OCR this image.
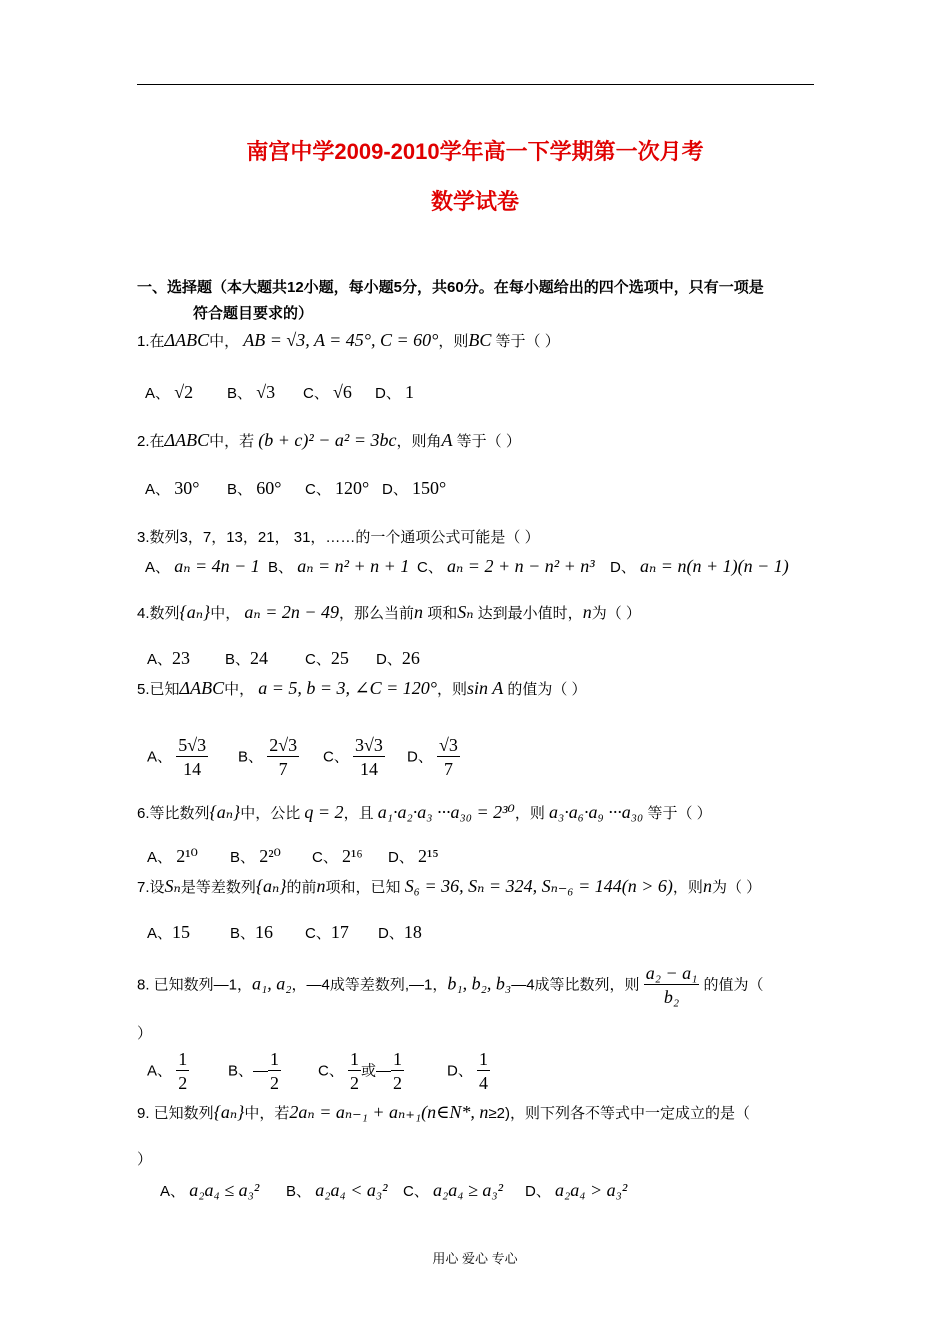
南宫中学2009-2010学年高一下学期第一次月考
数学试卷
一、选择题（本大题共12小题，每小题5分，共60分。在每小题给出的四个选项中，只有一项是
符合题目要求的）
1.在ΔABC中， AB = √3, A = 45°, C = 60°，则BC 等于（ ）
A、 √2 B、 √3 C、 √6 D、 1
2.在ΔABC中，若 (b + c)² − a² = 3bc，则角A 等于（ ）
A、 30° B、 60° C、 120° D、 150°
3.数列3，7，13，21， 31，……的一个通项公式可能是（ ）
A、 aₙ = 4n − 1 B、 aₙ = n² + n + 1 C、 aₙ = 2 + n − n² + n³ D、 aₙ = n(n + 1)(n − 1)
4.数列{aₙ}中， aₙ = 2n − 49，那么当前n 项和Sₙ 达到最小值时，n为（ ）
A、23 B、24 C、25 D、26
5.已知ΔABC中， a = 5, b = 3, ∠C = 120°，则sin A 的值为（ ）
A、 $\frac{5√3}{14}$ B、 $\frac{2√3}{7}$ C、 $\frac{3√3}{14}$ D、 $\frac{√3}{7}$
6.等比数列{aₙ}中，公比 q = 2，且 a₁·a₂·a₃ ···a₃₀ = 2³⁰，则 a₃·a₆·a₉ ···a₃₀ 等于（ ）
A、 2¹⁰ B、 2²⁰ C、 2¹⁶ D、 2¹⁵
7.设Sₙ是等差数列{aₙ}的前n项和，已知 S₆ = 36, Sₙ = 324, Sₙ₋₆ = 144(n > 6)，则n为（ ）
A、15	B、16 C、17 D、18
8. 已知数列—1，a₁, a₂，—4成等差数列,—1，b₁, b₂, b₃—4成等比数列，则 $\frac{\text{a₂ − a₁}}{\text{b₂}}$ 的值为（
）
A、 $\frac{1}{2}$	B、— $\frac{1}{2}$ C、 $\frac{1}{2}$ 或— $\frac{1}{2}$	D、 $\frac{1}{4}$
9. 已知数列{aₙ}中，若2aₙ = aₙ₋₁ + aₙ₊₁(n∈N*, n≥2)，则下列各不等式中一定成立的是（
）
A、 a₂a₄ ≤ a₃² B、 a₂a₄ < a₃² C、 a₂a₄ ≥ a₃² D、 a₂a₄ > a₃²
用心 爱心 专心
